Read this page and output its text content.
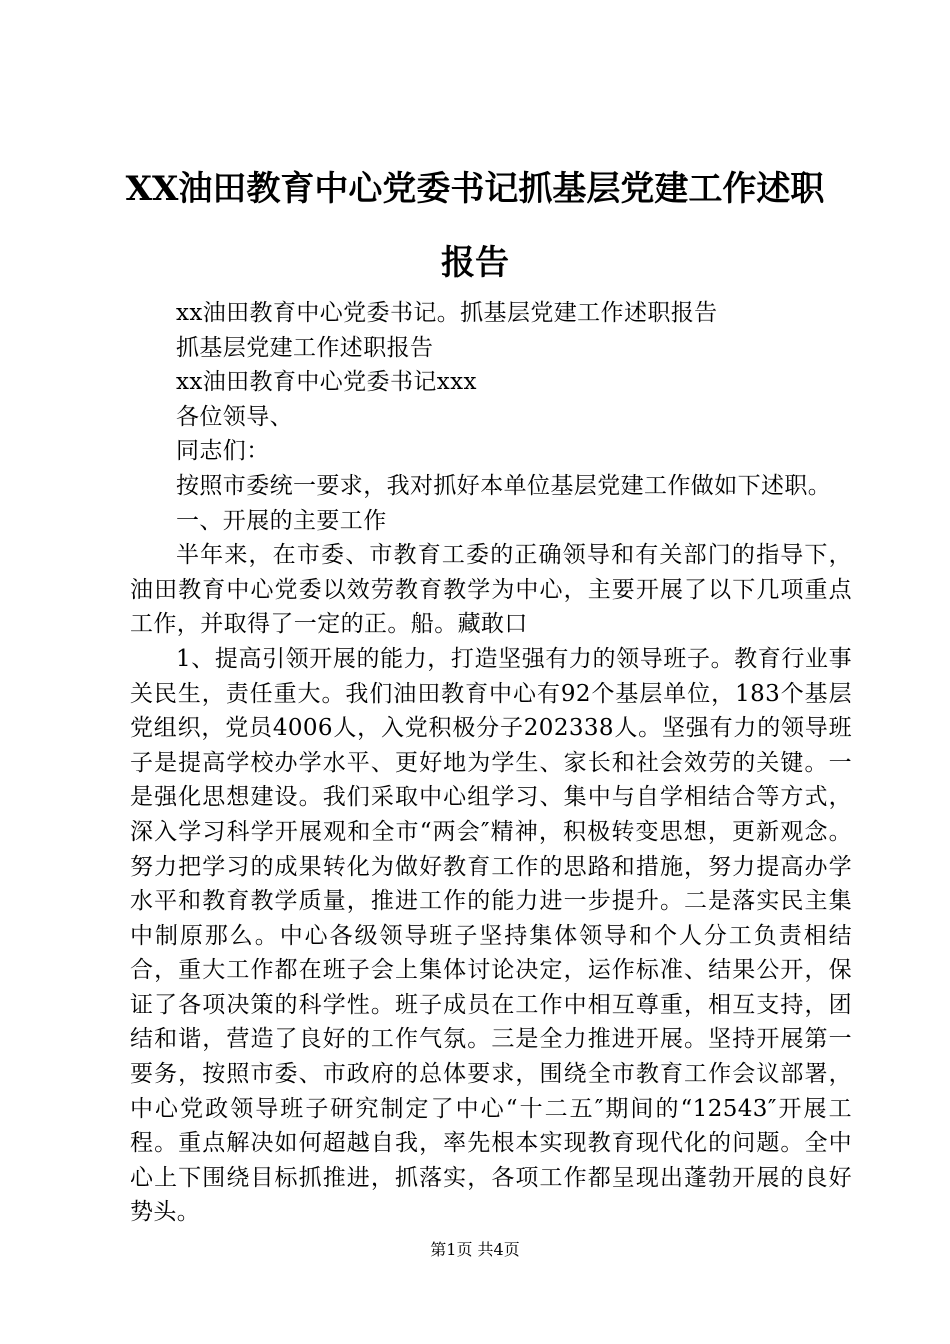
XX油田教育中心党委书记抓基层党建工作述职报告

xx油田教育中心党委书记。抓基层党建工作述职报告

抓基层党建工作述职报告

xx油田教育中心党委书记xxx

各位领导、

同志们：

按照市委统一要求，我对抓好本单位基层党建工作做如下述职。

一、开展的主要工作

半年来，在市委、市教育工委的正确领导和有关部门的指导下，油田教育中心党委以效劳教育教学为中心，主要开展了以下几项重点工作，并取得了一定的正。船。藏敢口

1、提高引领开展的能力，打造坚强有力的领导班子。教育行业事关民生，责任重大。我们油田教育中心有92个基层单位，183个基层党组织，党员4006人，入党积极分子202338人。坚强有力的领导班子是提高学校办学水平、更好地为学生、家长和社会效劳的关键。一是强化思想建设。我们采取中心组学习、集中与自学相结合等方式，深入学习科学开展观和全市“两会″精神，积极转变思想，更新观念。努力把学习的成果转化为做好教育工作的思路和措施，努力提高办学水平和教育教学质量，推进工作的能力进一步提升。二是落实民主集中制原那么。中心各级领导班子坚持集体领导和个人分工负责相结合，重大工作都在班子会上集体讨论决定，运作标准、结果公开，保证了各项决策的科学性。班子成员在工作中相互尊重，相互支持，团结和谐，营造了良好的工作气氛。三是全力推进开展。坚持开展第一要务，按照市委、市政府的总体要求，围绕全市教育工作会议部署，中心党政领导班子研究制定了中心“十二五″期间的“12543″开展工程。重点解决如何超越自我，率先根本实现教育现代化的问题。全中心上下围绕目标抓推进，抓落实，各项工作都呈现出蓬勃开展的良好势头。

第1页 共4页
